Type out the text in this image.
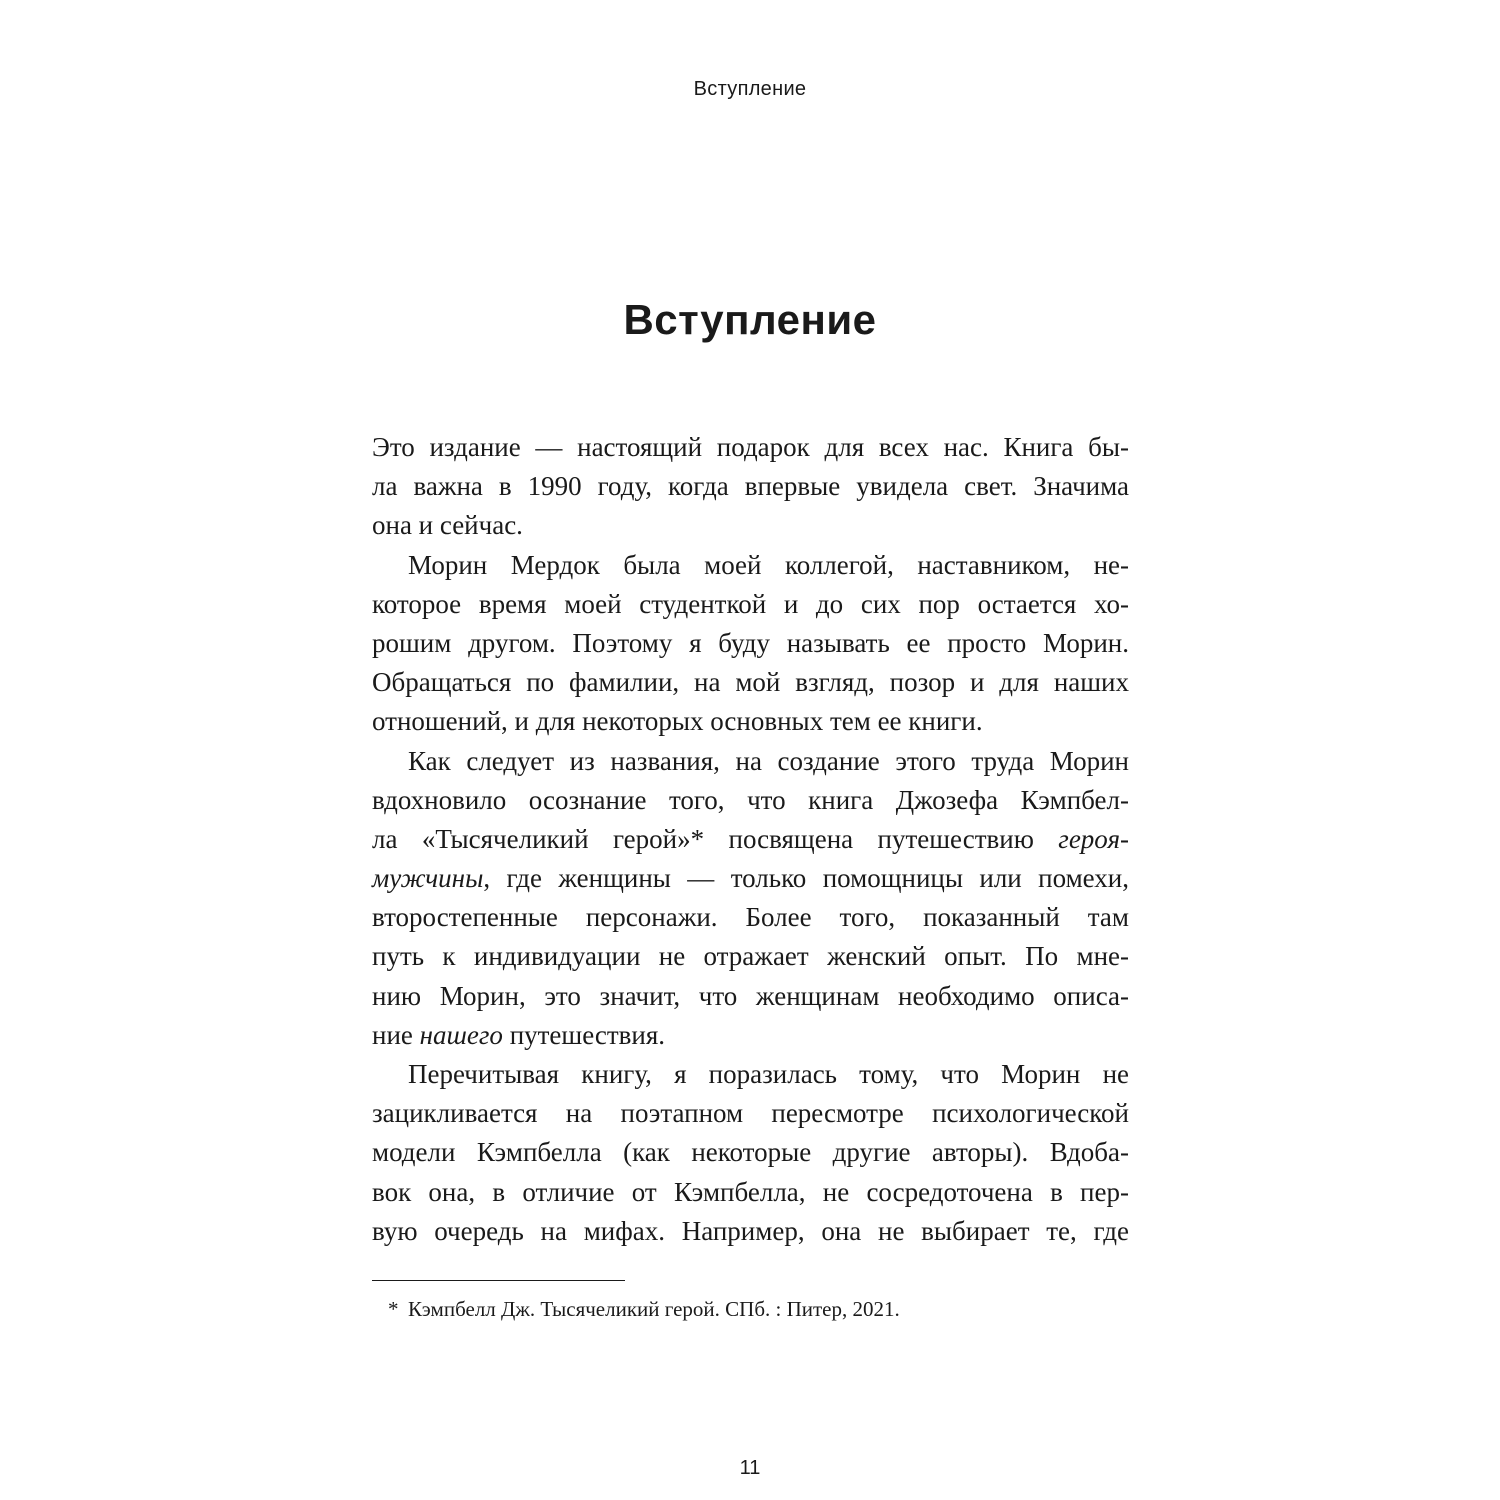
Вступление
Вступление
Это издание — настоящий подарок для всех нас. Книга бы-
ла важна в 1990 году, когда впервые увидела свет. Значима
она и сейчас.
Морин Мердок была моей коллегой, наставником, не-
которое время моей студенткой и до сих пор остается хо-
рошим другом. Поэтому я буду называть ее просто Морин.
Обращаться по фамилии, на мой взгляд, позор и для наших
отношений, и для некоторых основных тем ее книги.
Как следует из названия, на создание этого труда Морин
вдохновило осознание того, что книга Джозефа Кэмпбел-
ла «Тысячеликий герой»* посвящена путешествию героя-
мужчины, где женщины — только помощницы или помехи,
второстепенные персонажи. Более того, показанный там
путь к индивидуации не отражает женский опыт. По мне-
нию Морин, это значит, что женщинам необходимо описа-
ние нашего путешествия.
Перечитывая книгу, я поразилась тому, что Морин не
зацикливается на поэтапном пересмотре психологической
модели Кэмпбелла (как некоторые другие авторы). Вдоба-
вок она, в отличие от Кэмпбелла, не сосредоточена в пер-
вую очередь на мифах. Например, она не выбирает те, где
* Кэмпбелл Дж. Тысячеликий герой. СПб. : Питер, 2021.
11
